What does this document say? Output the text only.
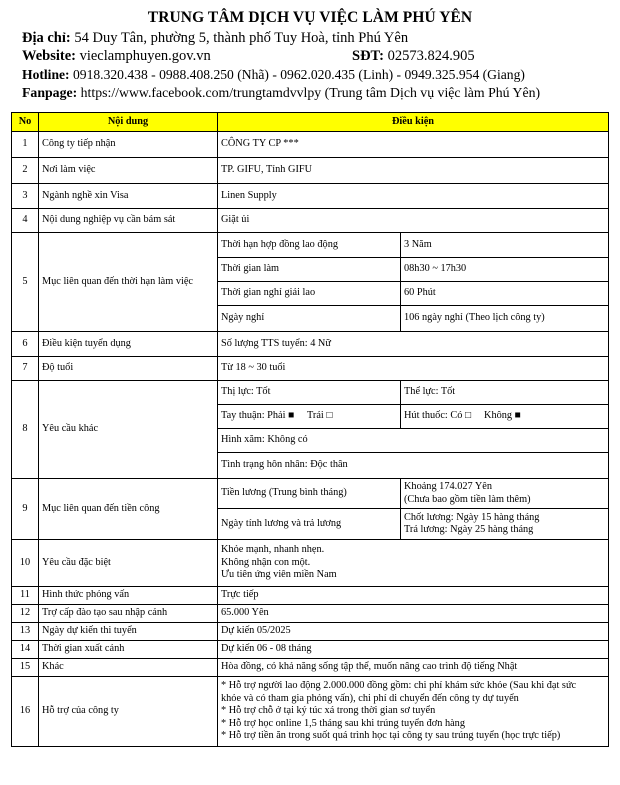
TRUNG TÂM DỊCH VỤ VIỆC LÀM PHÚ YÊN
Địa chỉ: 54 Duy Tân, phường 5, thành phố Tuy Hoà, tỉnh Phú Yên
Website: vieclamphuyen.gov.vn	SĐT: 02573.824.905
Hotline: 0918.320.438 - 0988.408.250 (Nhã) - 0962.020.435 (Linh) - 0949.325.954 (Giang)
Fanpage: https://www.facebook.com/trungtamdvvlpy (Trung tâm Dịch vụ việc làm Phú Yên)
No	Nội dung	Điều kiện	
1	Công ty tiếp nhận	CÔNG TY CP ***	
2	Nơi làm việc	TP. GIFU, Tỉnh GIFU	
3	Ngành nghề xin Visa	Linen Supply	
4	Nội dung nghiệp vụ cần bám sát	Giặt ủi	
5	Mục liên quan đến thời hạn làm việc	Thời hạn hợp đồng lao động	3 Năm
		Thời gian làm	08h30 ~ 17h30
		Thời gian nghỉ giải lao	60 Phút
		Ngày nghỉ	106 ngày nghỉ (Theo lịch công ty)
6	Điều kiện tuyển dụng	Số lượng TTS tuyển: 4 Nữ	
7	Độ tuổi	Từ 18 ~ 30 tuổi	
8	Yêu cầu khác	Thị lực: Tốt	Thể lực: Tốt
		Tay thuận: Phải ■ Trái □	Hút thuốc: Có □ Không ■
		Hình xăm: Không có	
		Tình trạng hôn nhân: Độc thân	
9	Mục liên quan đến tiền công	Tiền lương (Trung bình tháng)	Khoảng 174.027 Yên
(Chưa bao gồm tiền làm thêm)

		Ngày tính lương và trả lương	Chốt lương: Ngày 15 hàng tháng
Trả lương: Ngày 25 hàng tháng

10	Yêu cầu đặc biệt	Khỏe mạnh, nhanh nhẹn.
Không nhận con một.
Ưu tiên ứng viên miền Nam	

11	Hình thức phỏng vấn	Trực tiếp	
12	Trợ cấp đào tạo sau nhập cảnh	65.000 Yên	
13	Ngày dự kiến thi tuyển	Dự kiến 05/2025	
14	Thời gian xuất cảnh	Dự kiến 06 - 08 tháng	
15	Khác	Hòa đồng, có khả năng sống tập thể, muốn nâng cao trình độ tiếng Nhật	
16	Hỗ trợ của công ty	* Hỗ trợ người lao động 2.000.000 đồng gồm: chi phí khám sức khỏe (Sau khi đạt sức
khỏe và có tham gia phỏng vấn), chi phí di chuyển đến công ty dự tuyển
* Hỗ trợ chỗ ở tại ký túc xá trong thời gian sơ tuyển
* Hỗ trợ học online 1,5 tháng sau khi trúng tuyển đơn hàng
* Hỗ trợ tiền ăn trong suốt quá trình học tại công ty sau trúng tuyển (học trực tiếp)	
